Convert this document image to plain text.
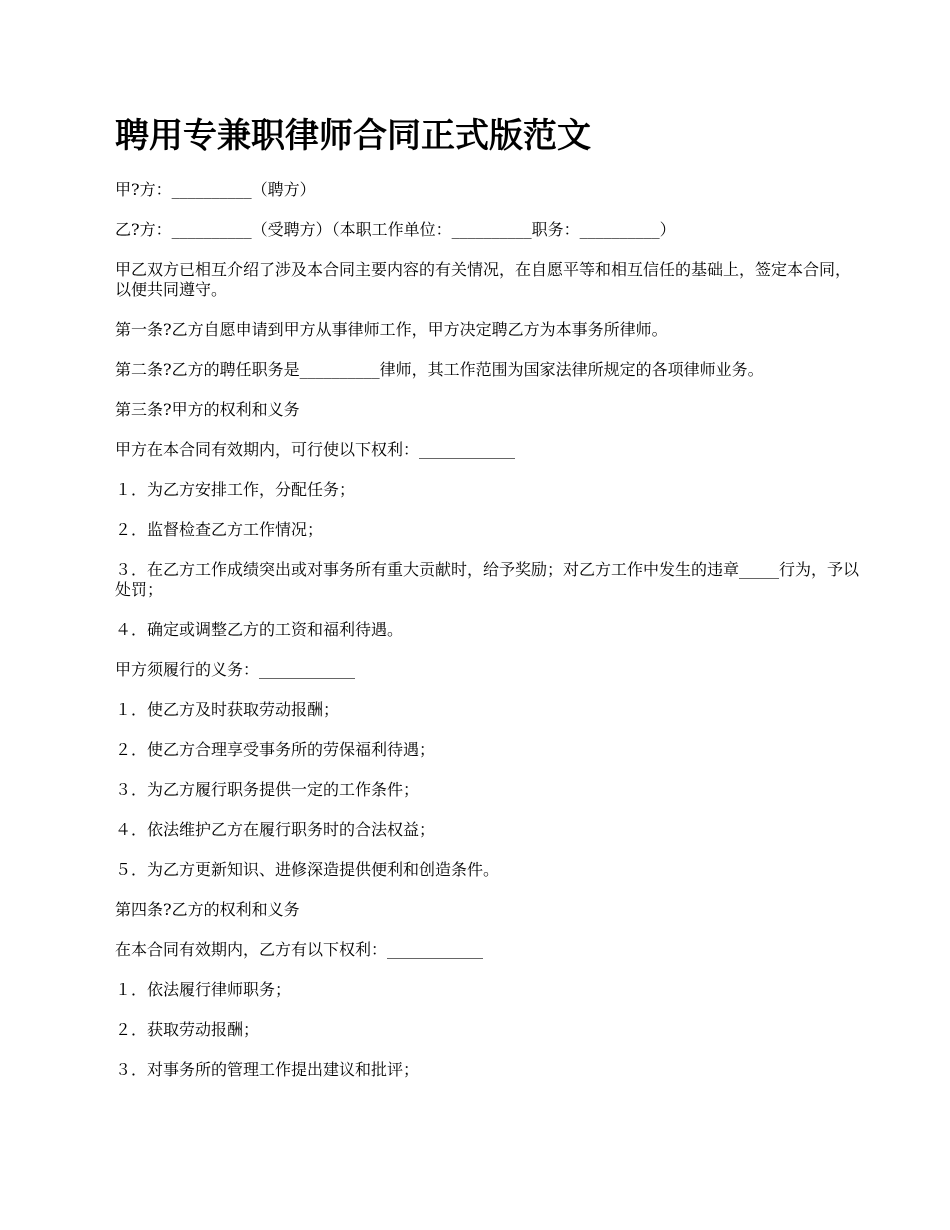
聘用专兼职律师合同正式版范文

甲?方：__________（聘方）

乙?方：__________（受聘方）（本职工作单位：__________职务：__________）

甲乙双方已相互介绍了涉及本合同主要内容的有关情况，在自愿平等和相互信任的基础上，签定本合同，以便共同遵守。

第一条?乙方自愿申请到甲方从事律师工作，甲方决定聘乙方为本事务所律师。

第二条?乙方的聘任职务是__________律师，其工作范围为国家法律所规定的各项律师业务。

第三条?甲方的权利和义务

甲方在本合同有效期内，可行使以下权利：____________

１．为乙方安排工作，分配任务；

２．监督检查乙方工作情况；

３．在乙方工作成绩突出或对事务所有重大贡献时，给予奖励；对乙方工作中发生的违章_____行为，予以处罚；

４．确定或调整乙方的工资和福利待遇。

甲方须履行的义务：____________

１．使乙方及时获取劳动报酬；

２．使乙方合理享受事务所的劳保福利待遇；

３．为乙方履行职务提供一定的工作条件；

４．依法维护乙方在履行职务时的合法权益；

５．为乙方更新知识、进修深造提供便利和创造条件。

第四条?乙方的权利和义务

在本合同有效期内，乙方有以下权利：____________

１．依法履行律师职务；

２．获取劳动报酬；

３．对事务所的管理工作提出建议和批评；
